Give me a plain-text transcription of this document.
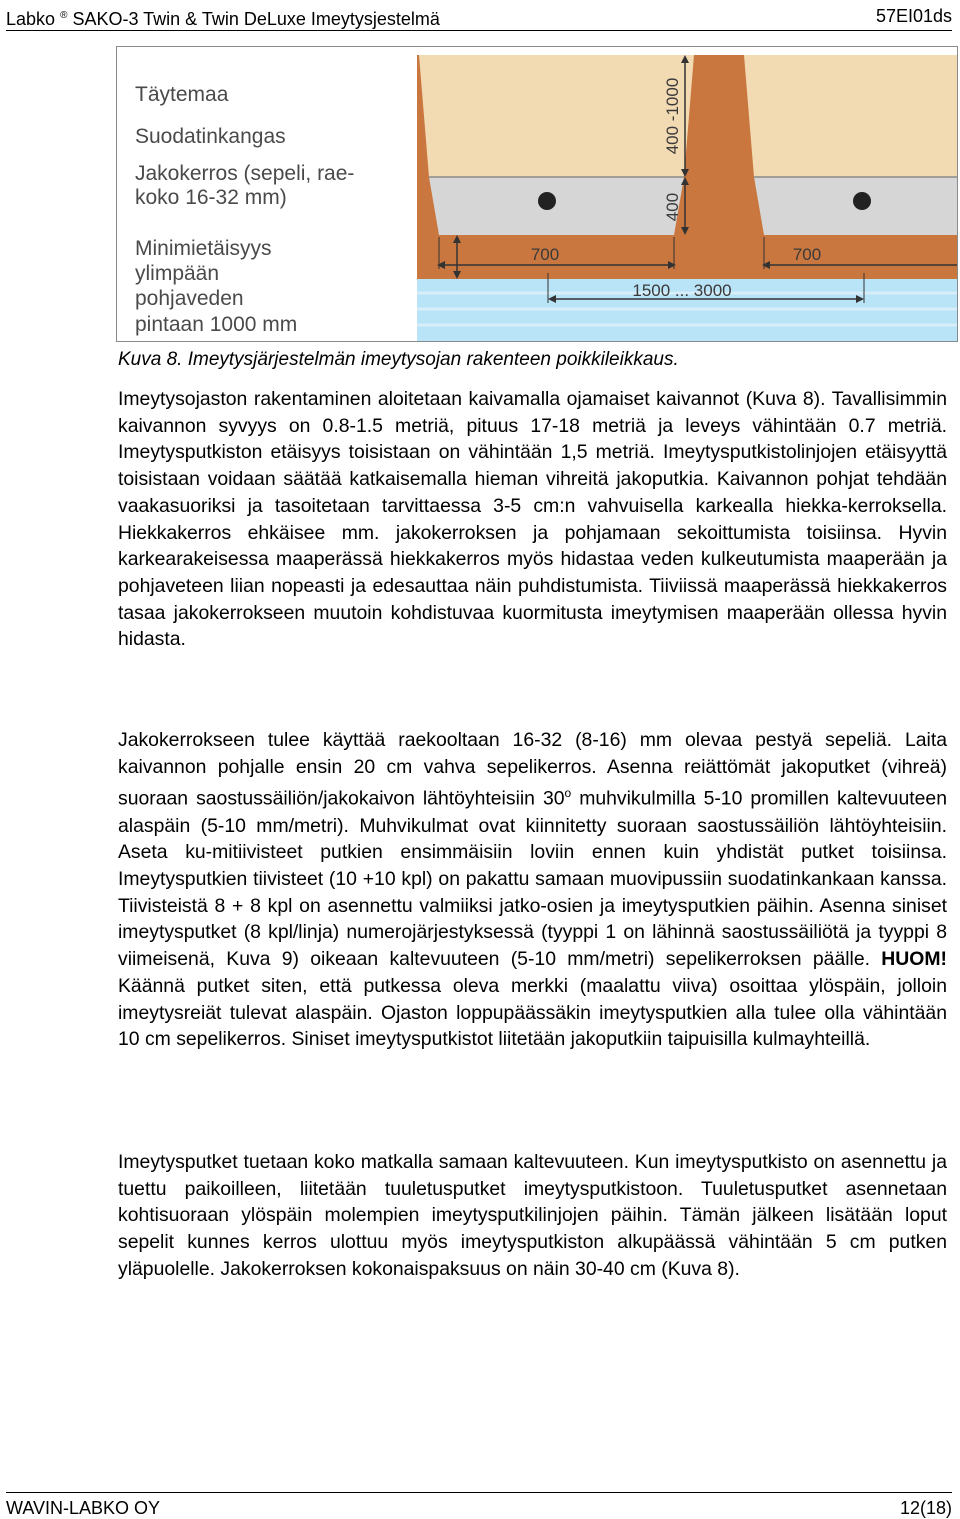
Labko ® SAKO-3 Twin & Twin DeLuxe Imeytysjestelmä	57EI01ds
400 -1000
400
700	700
1500 ... 3000
Täytemaa
Suodatinkangas
Jakokerros (sepeli, rae-
koko 16-32 mm)
Minimietäisyys
ylimpään
pohjaveden
pintaan 1000 mm
Kuva 8. Imeytysjärjestelmän imeytysojan rakenteen poikkileikkaus.
Imeytysojaston rakentaminen aloitetaan kaivamalla ojamaiset kaivannot (Kuva 8). Tavallisimmin kaivannon syvyys on 0.8-1.5 metriä, pituus 17-18 metriä ja leveys vähintään 0.7 metriä. Imeytysputkiston etäisyys toisistaan on vähintään 1,5 metriä. Imeytysputkistolinjojen etäisyyttä toisistaan voidaan säätää katkaisemalla hieman vihreitä jakoputkia. Kaivannon pohjat tehdään vaakasuoriksi ja tasoitetaan tarvittaessa 3-5 cm:n vahvuisella karkealla hiekka-kerroksella. Hiekkakerros ehkäisee mm. jakokerroksen ja pohjamaan sekoittumista toisiinsa. Hyvin karkearakeisessa maaperässä hiekkakerros myös hidastaa veden kulkeutumista maaperään ja pohjaveteen liian nopeasti ja edesauttaa näin puhdistumista. Tiiviissä maaperässä hiekkakerros tasaa jakokerrokseen muutoin kohdistuvaa kuormitusta imeytymisen maaperään ollessa hyvin hidasta.
Jakokerrokseen tulee käyttää raekooltaan 16-32 (8-16) mm olevaa pestyä sepeliä. Laita kaivannon pohjalle ensin 20 cm vahva sepelikerros. Asenna reiättömät jakoputket (vihreä) suoraan saostussäiliön/jakokaivon lähtöyhteisiin 30$^o$ muhvikulmilla 5-10 promillen kaltevuuteen alaspäin (5-10 mm/metri). Muhvikulmat ovat kiinnitetty suoraan saostussäiliön lähtöyhteisiin. Aseta ku-mitiivisteet putkien ensimmäisiin loviin ennen kuin yhdistät putket toisiinsa. Imeytysputkien tiivisteet (10 +10 kpl) on pakattu samaan muovipussiin suodatinkankaan kanssa. Tiivisteistä 8 + 8 kpl on asennettu valmiiksi jatko-osien ja imeytysputkien päihin. Asenna siniset imeytysputket (8 kpl/linja) numerojärjestyksessä (tyyppi 1 on lähinnä saostussäiliötä ja tyyppi 8 viimeisenä, Kuva 9) oikeaan kaltevuuteen (5-10 mm/metri) sepelikerroksen päälle. HUOM! Käännä putket siten, että putkessa oleva merkki (maalattu viiva) osoittaa ylöspäin, jolloin imeytysreiät tulevat alaspäin. Ojaston loppupäässäkin imeytysputkien alla tulee olla vähintään 10 cm sepelikerros. Siniset imeytysputkistot liitetään jakoputkiin taipuisilla kulmayhteillä.
Imeytysputket tuetaan koko matkalla samaan kaltevuuteen. Kun imeytysputkisto on asennettu ja tuettu paikoilleen, liitetään tuuletusputket imeytysputkistoon. Tuuletusputket asennetaan kohtisuoraan ylöspäin molempien imeytysputkilinjojen päihin. Tämän jälkeen lisätään loput sepelit kunnes kerros ulottuu myös imeytysputkiston alkupäässä vähintään 5 cm putken yläpuolelle. Jakokerroksen kokonaispaksuus on näin 30-40 cm (Kuva 8).
WAVIN-LABKO OY	12(18)
